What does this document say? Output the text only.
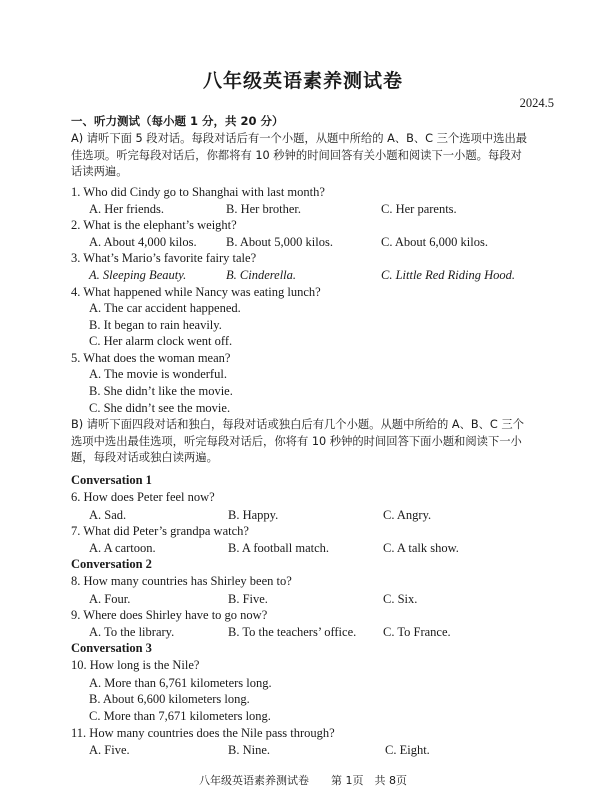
八年级英语素养测试卷
2024.5
一、听力测试（每小题 1 分，共 20 分）
A) 请听下面 5 段对话。每段对话后有一个小题，从题中所给的 A、B、C 三个选项中选出最佳选项。听完每段对话后，你都将有 10 秒钟的时间回答有关小题和阅读下一小题。每段对话读两遍。
1. Who did Cindy go to Shanghai with last month?
A. Her friends.	B. Her brother.	C. Her parents.
2. What is the elephant’s weight?
A. About 4,000 kilos. B. About 5,000 kilos.	C. About 6,000 kilos.
3. What’s Mario’s favorite fairy tale?
A. Sleeping Beauty.	B. Cinderella.	C. Little Red Riding Hood.
4. What happened while Nancy was eating lunch?
A. The car accident happened.
B. It began to rain heavily.
C. Her alarm clock went off.
5. What does the woman mean?
A. The movie is wonderful.
B. She didn’t like the movie.
C. She didn’t see the movie.
B) 请听下面四段对话和独白，每段对话或独白后有几个小题。从题中所给的 A、B、C 三个选项中选出最佳选项，听完每段对话后，你将有 10 秒钟的时间回答下面小题和阅读下一小题，每段对话或独白读两遍。
Conversation 1
6. How does Peter feel now?
A. Sad.	B. Happy.	C. Angry.
7. What did Peter’s grandpa watch?
A. A cartoon.	B. A football match.	C. A talk show.
Conversation 2
8. How many countries has Shirley been to?
A. Four.	B. Five.	C. Six.
9. Where does Shirley have to go now?
A. To the library.	B. To the teachers’ office. C. To France.
Conversation 3
10. How long is the Nile?
A. More than 6,761 kilometers long.
B. About 6,600 kilometers long.
C. More than 7,671 kilometers long.
11. How many countries does the Nile pass through?
A. Five.	B. Nine.	C. Eight.
八年级英语素养测试卷　　第 1页　共 8页
